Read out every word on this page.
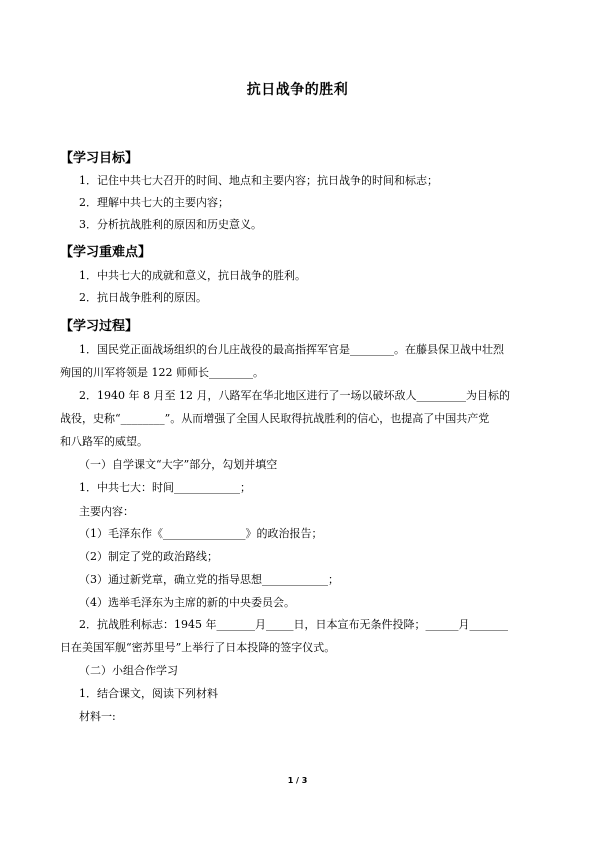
抗日战争的胜利
【学习目标】
1．记住中共七大召开的时间、地点和主要内容；抗日战争的时间和标志；
2．理解中共七大的主要内容；
3．分析抗战胜利的原因和历史意义。
【学习重难点】
1．中共七大的成就和意义，抗日战争的胜利。
2．抗日战争胜利的原因。
【学习过程】
1．国民党正面战场组织的台儿庄战役的最高指挥军官是________。在藤县保卫战中壮烈
殉国的川军将领是 122 师师长________。
2．1940 年 8 月至 12 月，八路军在华北地区进行了一场以破坏敌人_________为目标的
战役，史称“________”。从而增强了全国人民取得抗战胜利的信心，也提高了中国共产党
和八路军的威望。
（一）自学课文“大字”部分，勾划并填空
1．中共七大：时间____________；
主要内容：
（1）毛泽东作《_______________》的政治报告；
（2）制定了党的政治路线；
（3）通过新党章，确立党的指导思想____________；
（4）选举毛泽东为主席的新的中央委员会。
2．抗战胜利标志：1945 年_______月_____日，日本宣布无条件投降；______月_______
日在美国军舰“密苏里号”上举行了日本投降的签字仪式。
（二）小组合作学习
1．结合课文，阅读下列材料
材料一:
1 / 3
